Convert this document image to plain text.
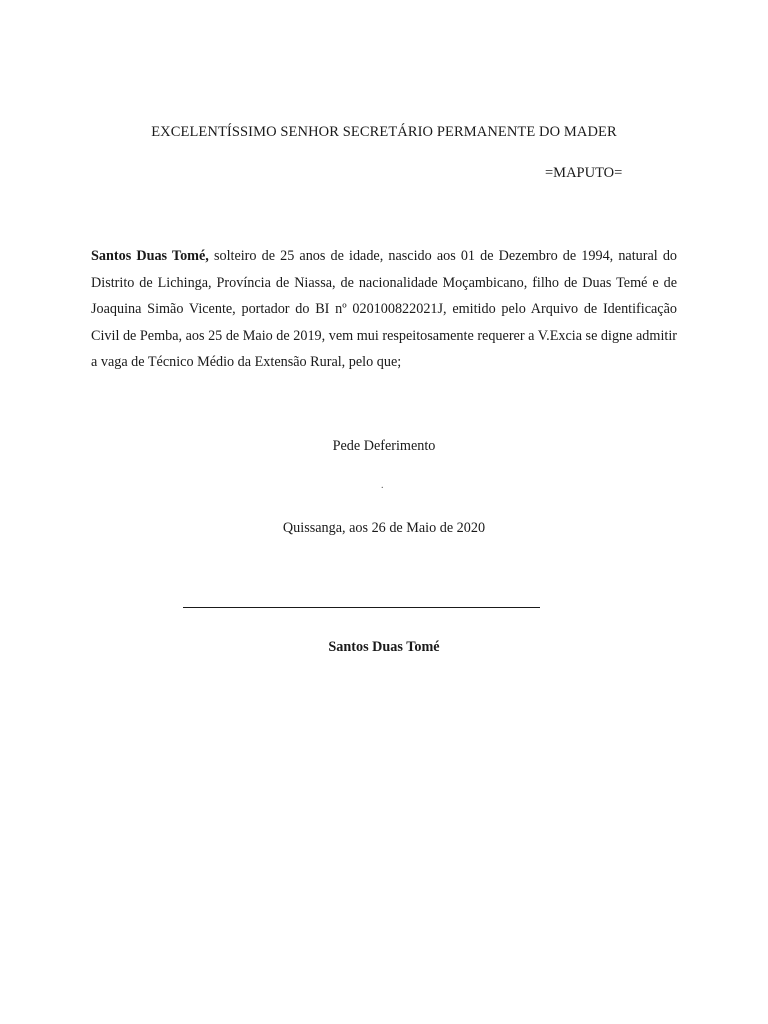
EXCELENTÍSSIMO SENHOR SECRETÁRIO PERMANENTE DO MADER
=MAPUTO=
Santos Duas Tomé, solteiro de 25 anos de idade, nascido aos 01 de Dezembro de 1994, natural do Distrito de Lichinga, Província de Niassa, de nacionalidade Moçambicano, filho de Duas Temé e de Joaquina Simão Vicente, portador do BI nº 020100822021J, emitido pelo Arquivo de Identificação Civil de Pemba, aos 25 de Maio de 2019, vem mui respeitosamente requerer a V.Excia se digne admitir a vaga de Técnico Médio da Extensão Rural, pelo que;
Pede Deferimento
.
Quissanga, aos 26 de Maio de 2020
Santos Duas Tomé
